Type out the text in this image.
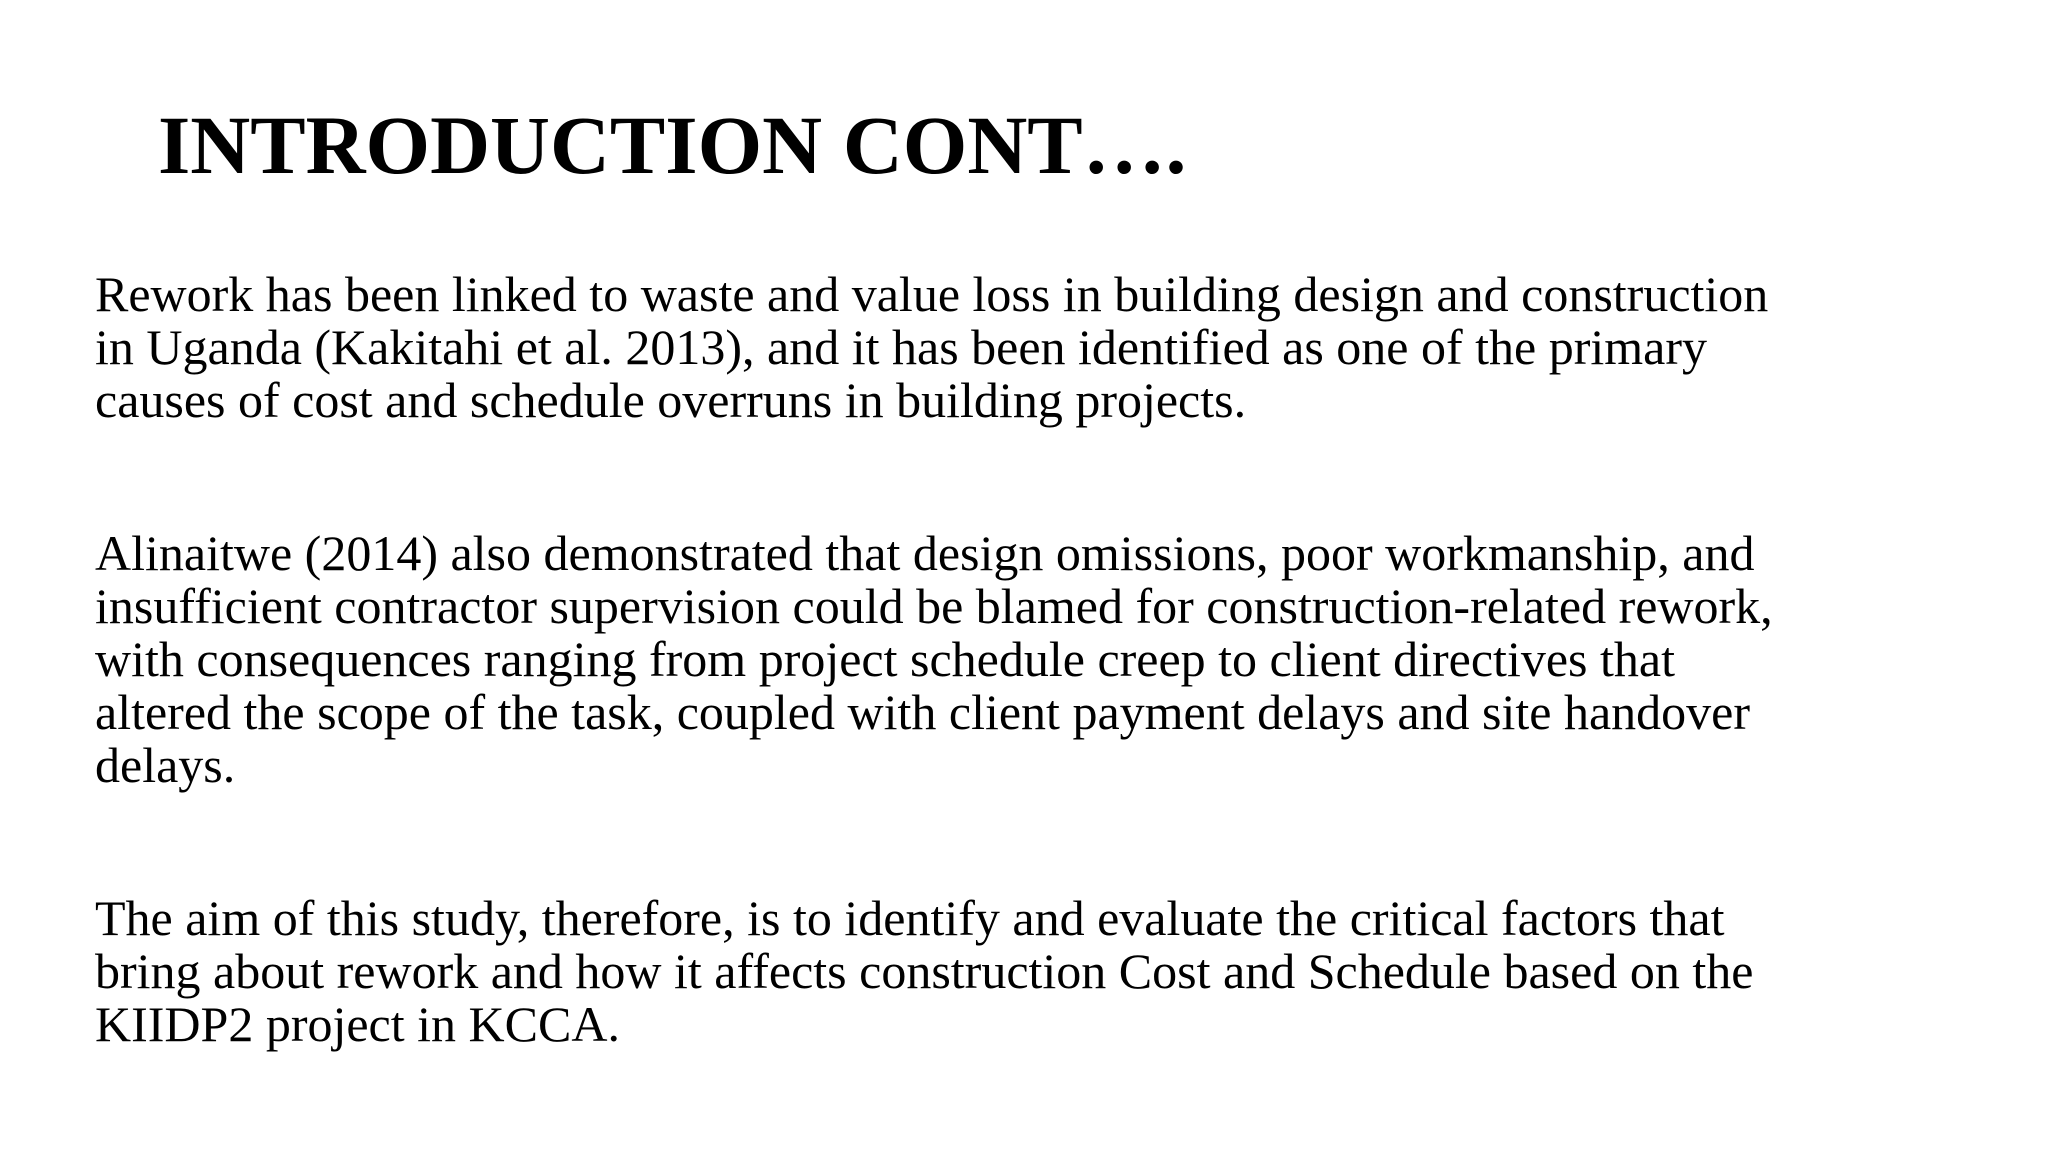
INTRODUCTION CONT….

Rework has been linked to waste and value loss in building design and construction
in Uganda (Kakitahi et al. 2013), and it has been identified as one of the primary
causes of cost and schedule overruns in building projects.

Alinaitwe (2014) also demonstrated that design omissions, poor workmanship, and
insufficient contractor supervision could be blamed for construction-related rework,
with consequences ranging from project schedule creep to client directives that
altered the scope of the task, coupled with client payment delays and site handover
delays.

The aim of this study, therefore, is to identify and evaluate the critical factors that
bring about rework and how it affects construction Cost and Schedule based on the
KIIDP2 project in KCCA.
